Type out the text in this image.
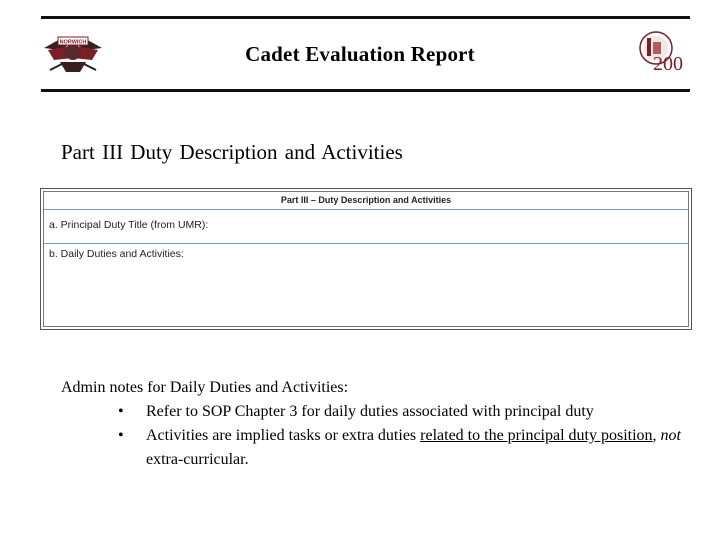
NORWICH	Cadet Evaluation Report	200
Part III Duty Description and Activities
Part III – Duty Description and Activities
a. Principal Duty Title (from UMR):
b. Daily Duties and Activities:
Admin notes for Daily Duties and Activities:
• Refer to SOP Chapter 3 for daily duties associated with principal duty
• Activities are implied tasks or extra duties related to the principal duty position, not extra-curricular.
